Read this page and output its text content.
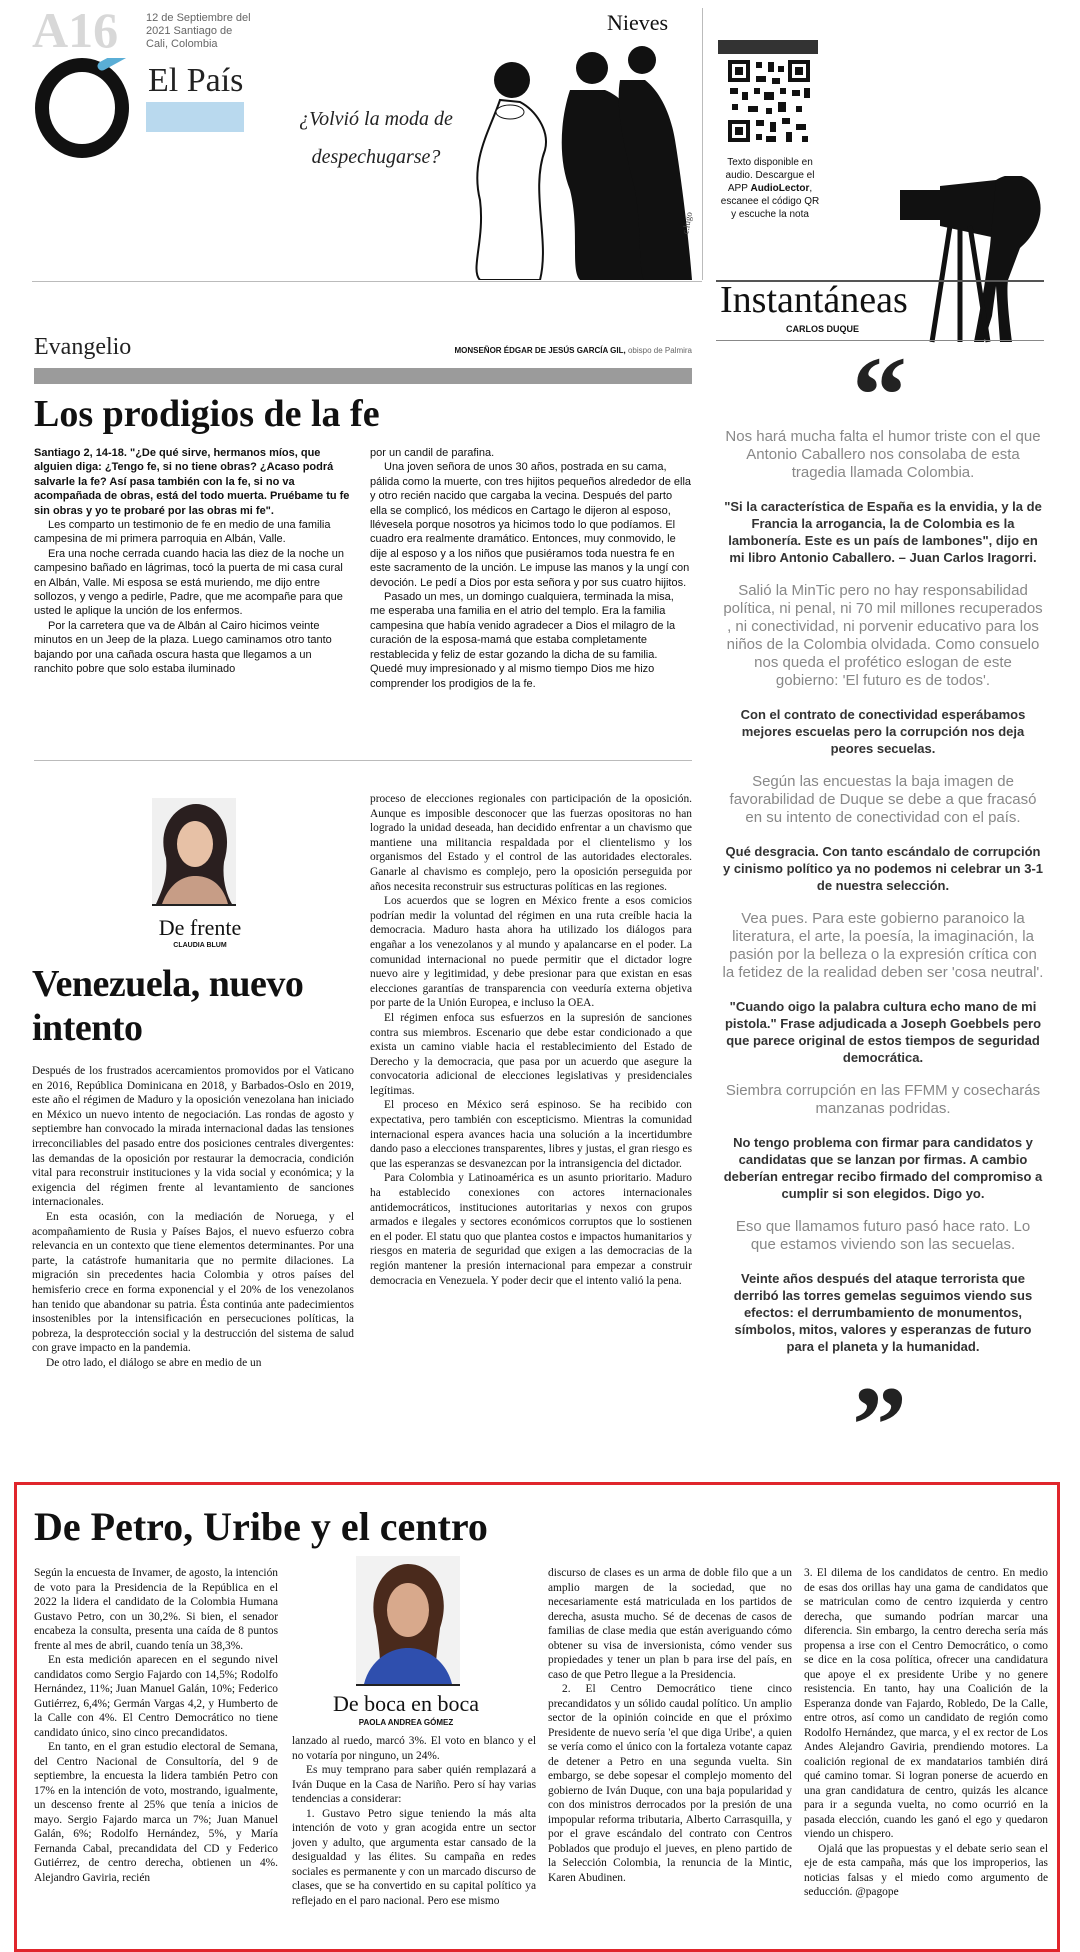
A16	12 de Septiembre del 2021 Santiago de Cali, Colombia
El País
Nieves
¿Volvió la moda de despechugarse?
c.lugo
Texto disponible en audio. Descargue el APP AudioLector, escanee el código QR y escuche la nota
Instantáneas
CARLOS DUQUE
Evangelio	MONSEÑOR ÉDGAR DE JESÚS GARCÍA GIL, obispo de Palmira
Los prodigios de la fe

Santiago 2, 14-18. "¿De qué sirve, hermanos míos, que alguien diga: ¿Tengo fe, si no tiene obras? ¿Acaso podrá salvarle la fe? Así pasa también con la fe, si no va acompañada de obras, está del todo muerta. Pruébame tu fe sin obras y yo te probaré por las obras mi fe".

Les comparto un testimonio de fe en medio de una familia campesina de mi primera parroquia en Albán, Valle.

Era una noche cerrada cuando hacia las diez de la noche un campesino bañado en lágrimas, tocó la puerta de mi casa cural en Albán, Valle. Mi esposa se está muriendo, me dijo entre sollozos, y vengo a pedirle, Padre, que me acompañe para que usted le aplique la unción de los enfermos.

Por la carretera que va de Albán al Cairo hicimos veinte minutos en un Jeep de la plaza. Luego caminamos otro tanto bajando por una cañada oscura hasta que llegamos a un ranchito pobre que solo estaba iluminado

por un candil de parafina.

Una joven señora de unos 30 años, postrada en su cama, pálida como la muerte, con tres hijitos pequeños alrededor de ella y otro recién nacido que cargaba la vecina. Después del parto ella se complicó, los médicos en Cartago le dijeron al esposo, llévesela porque nosotros ya hicimos todo lo que podíamos. El cuadro era realmente dramático. Entonces, muy conmovido, le dije al esposo y a los niños que pusiéramos toda nuestra fe en este sacramento de la unción. Le impuse las manos y la ungí con devoción. Le pedí a Dios por esta señora y por sus cuatro hijitos.

Pasado un mes, un domingo cualquiera, terminada la misa, me esperaba una familia en el atrio del templo. Era la familia campesina que había venido agradecer a Dios el milagro de la curación de la esposa-mamá que estaba completamente restablecida y feliz de estar gozando la dicha de su familia. Quedé muy impresionado y al mismo tiempo Dios me hizo comprender los prodigios de la fe.

De frente
CLAUDIA BLUM
Venezuela, nuevo intento

Después de los frustrados acercamientos promovidos por el Vaticano en 2016, República Dominicana en 2018, y Barbados-Oslo en 2019, este año el régimen de Maduro y la oposición venezolana han iniciado en México un nuevo intento de negociación. Las rondas de agosto y septiembre han convocado la mirada internacional dadas las tensiones irreconciliables del pasado entre dos posiciones centrales divergentes: las demandas de la oposición por restaurar la democracia, condición vital para reconstruir instituciones y la vida social y económica; y la exigencia del régimen frente al levantamiento de sanciones internacionales.

En esta ocasión, con la mediación de Noruega, y el acompañamiento de Rusia y Países Bajos, el nuevo esfuerzo cobra relevancia en un contexto que tiene elementos determinantes. Por una parte, la catástrofe humanitaria que no permite dilaciones. La migración sin precedentes hacia Colombia y otros países del hemisferio crece en forma exponencial y el 20% de los venezolanos han tenido que abandonar su patria. Ésta continúa ante padecimientos insostenibles por la intensificación en persecuciones políticas, la pobreza, la desprotección social y la destrucción del sistema de salud con grave impacto en la pandemia.

De otro lado, el diálogo se abre en medio de un

proceso de elecciones regionales con participación de la oposición. Aunque es imposible desconocer que las fuerzas opositoras no han logrado la unidad deseada, han decidido enfrentar a un chavismo que mantiene una militancia respaldada por el clientelismo y los organismos del Estado y el control de las autoridades electorales. Ganarle al chavismo es complejo, pero la oposición perseguida por años necesita reconstruir sus estructuras políticas en las regiones.

Los acuerdos que se logren en México frente a esos comicios podrían medir la voluntad del régimen en una ruta creíble hacia la democracia. Maduro hasta ahora ha utilizado los diálogos para engañar a los venezolanos y al mundo y apalancarse en el poder. La comunidad internacional no puede permitir que el dictador logre nuevo aire y legitimidad, y debe presionar para que existan en esas elecciones garantías de transparencia con veeduría externa objetiva por parte de la Unión Europea, e incluso la OEA.

El régimen enfoca sus esfuerzos en la supresión de sanciones contra sus miembros. Escenario que debe estar condicionado a que exista un camino viable hacia el restablecimiento del Estado de Derecho y la democracia, que pasa por un acuerdo que asegure la convocatoria adicional de elecciones legislativas y presidenciales legítimas.

El proceso en México será espinoso. Se ha recibido con expectativa, pero también con escepticismo. Mientras la comunidad internacional espera avances hacia una solución a la incertidumbre dando paso a elecciones transparentes, libres y justas, el gran riesgo es que las esperanzas se desvanezcan por la intransigencia del dictador.

Para Colombia y Latinoamérica es un asunto prioritario. Maduro ha establecido conexiones con actores internacionales antidemocráticos, instituciones autoritarias y nexos con grupos armados e ilegales y sectores económicos corruptos que lo sostienen en el poder. El statu quo que plantea costos e impactos humanitarios y riesgos en materia de seguridad que exigen a las democracias de la región mantener la presión internacional para empezar a construir democracia en Venezuela. Y poder decir que el intento valió la pena.

“

Nos hará mucha falta el humor triste con el que Antonio Caballero nos consolaba de esta tragedia llamada Colombia.

"Si la característica de España es la envidia, y la de Francia la arrogancia, la de Colombia es la lambonería. Este es un país de lambones", dijo en mi libro Antonio Caballero. – Juan Carlos Iragorri.

Salió la MinTic pero no hay responsabilidad política, ni penal, ni 70 mil millones recuperados , ni conectividad, ni porvenir educativo para los niños de la Colombia olvidada. Como consuelo nos queda el profético eslogan de este gobierno: 'El futuro es de todos'.

Con el contrato de conectividad esperábamos mejores escuelas pero la corrupción nos deja peores secuelas.

Según las encuestas la baja imagen de favorabilidad de Duque se debe a que fracasó en su intento de conectividad con el país.

Qué desgracia. Con tanto escándalo de corrupción y cinismo político ya no podemos ni celebrar un 3-1 de nuestra selección.

Vea pues. Para este gobierno paranoico la literatura, el arte, la poesía, la imaginación, la pasión por la belleza o la expresión crítica con la fetidez de la realidad deben ser 'cosa neutral'.

"Cuando oigo la palabra cultura echo mano de mi pistola." Frase adjudicada a Joseph Goebbels pero que parece original de estos tiempos de seguridad democrática.

Siembra corrupción en las FFMM y cosecharás manzanas podridas.

No tengo problema con firmar para candidatos y candidatas que se lanzan por firmas. A cambio deberían entregar recibo firmado del compromiso a cumplir si son elegidos. Digo yo.

Eso que llamamos futuro pasó hace rato. Lo que estamos viviendo son las secuelas.

Veinte años después del ataque terrorista que derribó las torres gemelas seguimos viendo sus efectos: el derrumbamiento de monumentos, símbolos, mitos, valores y esperanzas de futuro para el planeta y la humanidad.

”
De Petro, Uribe y el centro
De boca en boca
PAOLA ANDREA GÓMEZ

Según la encuesta de Invamer, de agosto, la intención de voto para la Presidencia de la República en el 2022 la lidera el candidato de la Colombia Humana Gustavo Petro, con un 30,2%. Si bien, el senador encabeza la consulta, presenta una caída de 8 puntos frente al mes de abril, cuando tenía un 38,3%.

En esta medición aparecen en el segundo nivel candidatos como Sergio Fajardo con 14,5%; Rodolfo Hernández, 11%; Juan Manuel Galán, 10%; Federico Gutiérrez, 6,4%; Germán Vargas 4,2, y Humberto de la Calle con 4%. El Centro Democrático no tiene candidato único, sino cinco precandidatos.

En tanto, en el gran estudio electoral de Semana, del Centro Nacional de Consultoría, del 9 de septiembre, la encuesta la lidera también Petro con 17% en la intención de voto, mostrando, igualmente, un descenso frente al 25% que tenía a inicios de mayo. Sergio Fajardo marca un 7%; Juan Manuel Galán, 6%; Rodolfo Hernández, 5%, y María Fernanda Cabal, precandidata del CD y Federico Gutiérrez, de centro derecha, obtienen un 4%. Alejandro Gaviria, recién

lanzado al ruedo, marcó 3%. El voto en blanco y el no votaría por ninguno, un 24%.

Es muy temprano para saber quién remplazará a Iván Duque en la Casa de Nariño. Pero sí hay varias tendencias a considerar:

1. Gustavo Petro sigue teniendo la más alta intención de voto y gran acogida entre un sector joven y adulto, que argumenta estar cansado de la desigualdad y las élites. Su campaña en redes sociales es permanente y con un marcado discurso de clases, que se ha convertido en su capital político ya reflejado en el paro nacional. Pero ese mismo

discurso de clases es un arma de doble filo que a un amplio margen de la sociedad, que no necesariamente está matriculada en los partidos de derecha, asusta mucho. Sé de decenas de casos de familias de clase media que están averiguando cómo obtener su visa de inversionista, cómo vender sus propiedades y tener un plan b para irse del país, en caso de que Petro llegue a la Presidencia.

2. El Centro Democrático tiene cinco precandidatos y un sólido caudal político. Un amplio sector de la opinión coincide en que el próximo Presidente de nuevo sería 'el que diga Uribe', a quien se vería como el único con la fortaleza votante capaz de detener a Petro en una segunda vuelta. Sin embargo, se debe sopesar el complejo momento del gobierno de Iván Duque, con una baja popularidad y con dos ministros derrocados por la presión de una impopular reforma tributaria, Alberto Carrasquilla, y por el grave escándalo del contrato con Centros Poblados que produjo el jueves, en pleno partido de la Selección Colombia, la renuncia de la Mintic, Karen Abudinen.

3. El dilema de los candidatos de centro. En medio de esas dos orillas hay una gama de candidatos que se matriculan como de centro izquierda y centro derecha, que sumando podrían marcar una diferencia. Sin embargo, la centro derecha sería más propensa a irse con el Centro Democrático, o como se dice en la cosa política, ofrecer una candidatura que apoye el ex presidente Uribe y no genere resistencia. En tanto, hay una Coalición de la Esperanza donde van Fajardo, Robledo, De la Calle, entre otros, así como un candidato de región como Rodolfo Hernández, que marca, y el ex rector de Los Andes Alejandro Gaviria, prendiendo motores. La coalición regional de ex mandatarios también dirá qué camino tomar. Si logran ponerse de acuerdo en una gran candidatura de centro, quizás les alcance para ir a segunda vuelta, no como ocurrió en la pasada elección, cuando les ganó el ego y quedaron viendo un chispero.

Ojalá que las propuestas y el debate serio sean el eje de esta campaña, más que los improperios, las noticias falsas y el miedo como argumento de seducción. @pagope
